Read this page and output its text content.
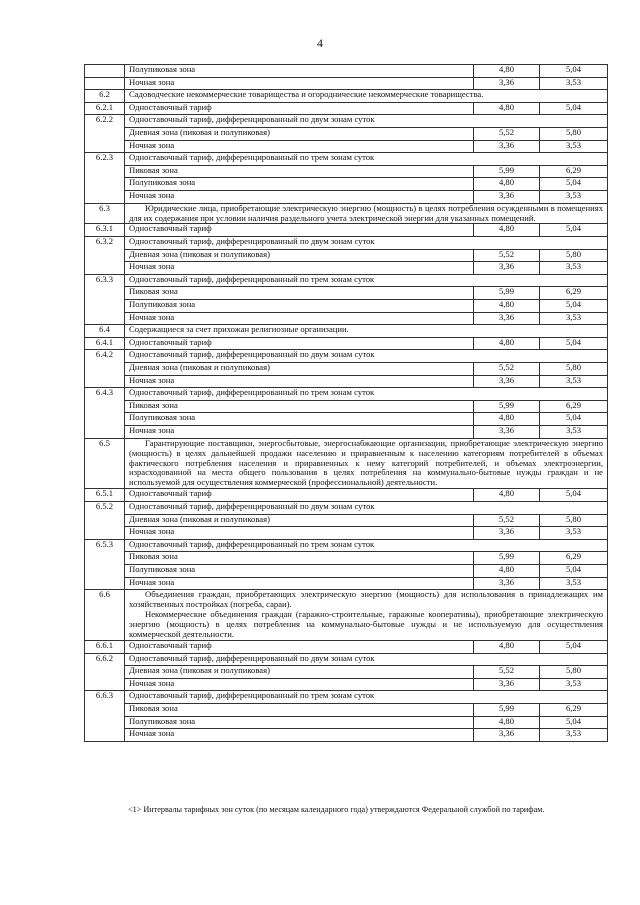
4
	Полупиковая зона	4,80	5,04
	Ночная зона	3,36	3,53
6.2	Садоводческие некоммерческие товарищества и огороднические некоммерческие товарищества.		
6.2.1	Одноставочный тариф	4,80	5,04
6.2.2	Одноставочный тариф, дифференцированный по двум зонам суток		
	Дневная зона (пиковая и полупиковая)	5,52	5,80
	Ночная зона	3,36	3,53
6.2.3	Одноставочный тариф, дифференцированный по трем зонам суток		
	Пиковая зона	5,99	6,29
	Полупиковая зона	4,80	5,04
	Ночная зона	3,36	3,53
6.3	Юридические лица, приобретающие электрическую энергию (мощность) в целях потребления осужденными в помещениях для их содержания при условии наличия раздельного учета электрической энергии для указанных помещений.		

6.3.1	Одноставочный тариф	4,80	5,04
6.3.2	Одноставочный тариф, дифференцированный по двум зонам суток		
	Дневная зона (пиковая и полупиковая)	5,52	5,80
	Ночная зона	3,36	3,53
6.3.3	Одноставочный тариф, дифференцированный по трем зонам суток		
	Пиковая зона	5,99	6,29
	Полупиковая зона	4,80	5,04
	Ночная зона	3,36	3,53
6.4	Содержащиеся за счет прихожан религиозные организации.		
6.4.1	Одноставочный тариф	4,80	5,04
6.4.2	Одноставочный тариф, дифференцированный по двум зонам суток		
	Дневная зона (пиковая и полупиковая)	5,52	5,80
	Ночная зона	3,36	3,53
6.4.3	Одноставочный тариф, дифференцированный по трем зонам суток		
	Пиковая зона	5,99	6,29
	Полупиковая зона	4,80	5,04
	Ночная зона	3,36	3,53
6.5	Гарантирующие поставщики, энергосбытовые, энергоснабжающие организации, приобретающие электрическую энергию (мощность) в целях дальнейшей продажи населению и приравненным к населению категориям потребителей в объемах фактического потребления населения и приравненных к нему категорий потребителей, и объемах электроэнергии, израсходованной на места общего пользования в целях потребления на коммунально-бытовые нужды граждан и не используемой для осуществления коммерческой (профессиональной) деятельности.		

6.5.1	Одноставочный тариф	4,80	5,04
6.5.2	Одноставочный тариф, дифференцированный по двум зонам суток		
	Дневная зона (пиковая и полупиковая)	5,52	5,80
	Ночная зона	3,36	3,53
6.5.3	Одноставочный тариф, дифференцированный по трем зонам суток		
	Пиковая зона	5,99	6,29
	Полупиковая зона	4,80	5,04
	Ночная зона	3,36	3,53
6.6	Объединения граждан, приобретающих электрическую энергию (мощность) для использования в принадлежащих им хозяйственных постройках (погреба, сараи).

Некоммерческие объединения граждан (гаражно-строительные, гаражные кооперативы), приобретающие электрическую энергию (мощность) в целях потребления на коммунально-бытовые нужды и не используемую для осуществления коммерческой деятельности.		

6.6.1	Одноставочный тариф	4,80	5,04
6.6.2	Одноставочный тариф, дифференцированный по двум зонам суток		
	Дневная зона (пиковая и полупиковая)	5,52	5,80
	Ночная зона	3,36	3,53
6.6.3	Одноставочный тариф, дифференцированный по трем зонам суток		
	Пиковая зона	5,99	6,29
	Полупиковая зона	4,80	5,04
	Ночная зона	3,36	3,53
<1> Интервалы тарифных зон суток (по месяцам календарного года) утверждаются Федеральной службой по тарифам.
